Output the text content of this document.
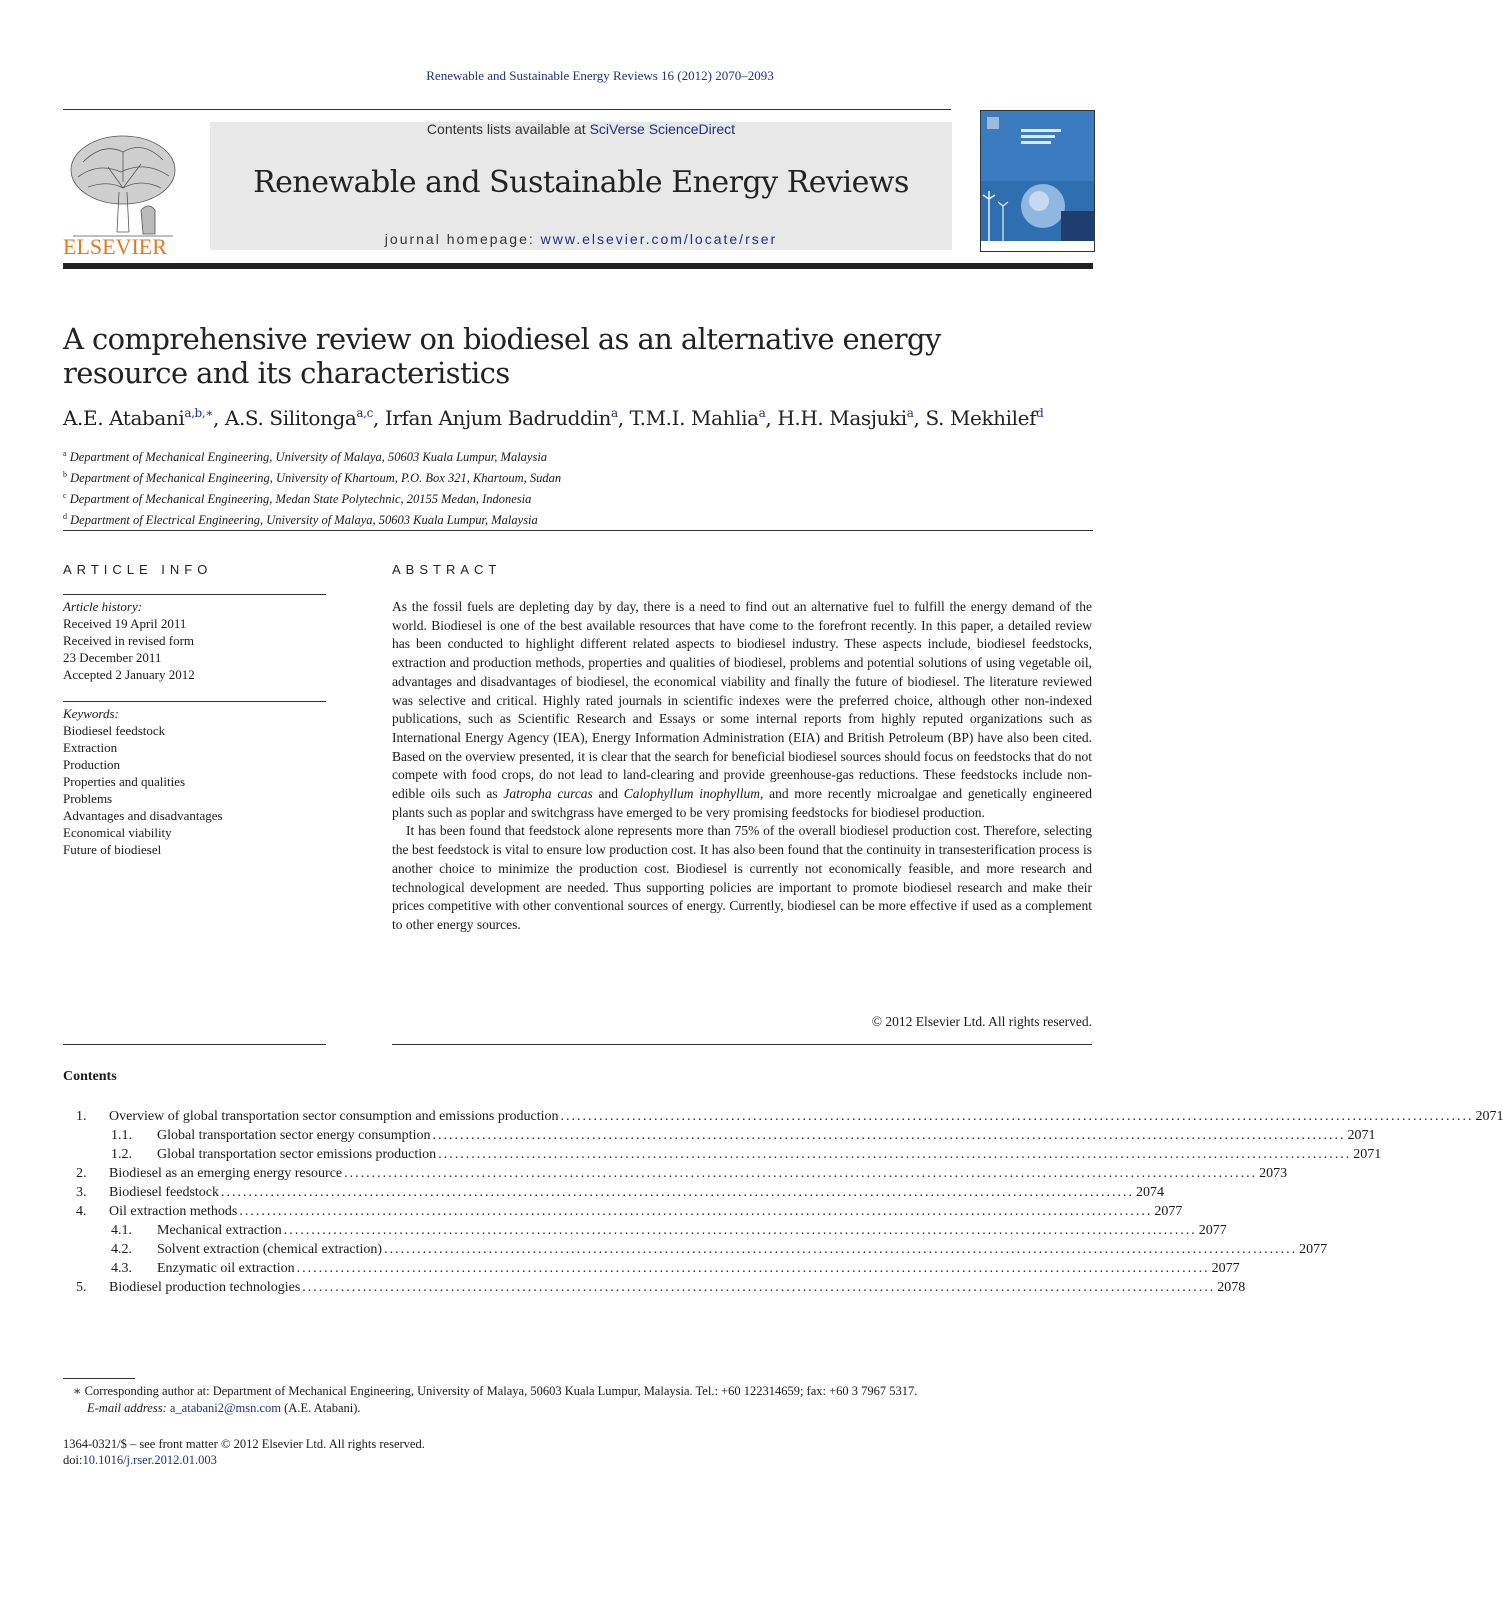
Renewable and Sustainable Energy Reviews 16 (2012) 2070–2093
ELSEVIER
Contents lists available at SciVerse ScienceDirect
Renewable and Sustainable Energy Reviews
journal homepage: www.elsevier.com/locate/rser
A comprehensive review on biodiesel as an alternative energy resource and its characteristics
A.E. Atabani$^{a,b,∗}$, A.S. Silitonga$^{a,c}$, Irfan Anjum Badruddin$^a$, T.M.I. Mahlia$^a$, H.H. Masjuki$^a$, S. Mekhilef$^d$
$^a$ Department of Mechanical Engineering, University of Malaya, 50603 Kuala Lumpur, Malaysia
$^b$ Department of Mechanical Engineering, University of Khartoum, P.O. Box 321, Khartoum, Sudan
$^c$ Department of Mechanical Engineering, Medan State Polytechnic, 20155 Medan, Indonesia
$^d$ Department of Electrical Engineering, University of Malaya, 50603 Kuala Lumpur, Malaysia
ARTICLE INFO
Article history:
Received 19 April 2011
Received in revised form
23 December 2011
Accepted 2 January 2012
Keywords:
Biodiesel feedstock
Extraction
Production
Properties and qualities
Problems
Advantages and disadvantages
Economical viability
Future of biodiesel
ABSTRACT

As the fossil fuels are depleting day by day, there is a need to find out an alternative fuel to fulfill the energy demand of the world. Biodiesel is one of the best available resources that have come to the forefront recently. In this paper, a detailed review has been conducted to highlight different related aspects to biodiesel industry. These aspects include, biodiesel feedstocks, extraction and production methods, properties and qualities of biodiesel, problems and potential solutions of using vegetable oil, advantages and disadvantages of biodiesel, the economical viability and finally the future of biodiesel. The literature reviewed was selective and critical. Highly rated journals in scientific indexes were the preferred choice, although other non-indexed publications, such as Scientific Research and Essays or some internal reports from highly reputed organizations such as International Energy Agency (IEA), Energy Information Administration (EIA) and British Petroleum (BP) have also been cited. Based on the overview presented, it is clear that the search for beneficial biodiesel sources should focus on feedstocks that do not compete with food crops, do not lead to land-clearing and provide greenhouse-gas reductions. These feedstocks include non-edible oils such as Jatropha curcas and Calophyllum inophyllum, and more recently microalgae and genetically engineered plants such as poplar and switchgrass have emerged to be very promising feedstocks for biodiesel production.

It has been found that feedstock alone represents more than 75% of the overall biodiesel production cost. Therefore, selecting the best feedstock is vital to ensure low production cost. It has also been found that the continuity in transesterification process is another choice to minimize the production cost. Biodiesel is currently not economically feasible, and more research and technological development are needed. Thus supporting policies are important to promote biodiesel research and make their prices competitive with other conventional sources of energy. Currently, biodiesel can be more effective if used as a complement to other energy sources.

© 2012 Elsevier Ltd. All rights reserved.
Contents
1. Overview of global transportation sector consumption and emissions production ...................................................................................................................................................................... 2071
1.1. Global transportation sector energy consumption ...................................................................................................................................................................... 2071
1.2. Global transportation sector emissions production ...................................................................................................................................................................... 2071
2. Biodiesel as an emerging energy resource ...................................................................................................................................................................... 2073
3. Biodiesel feedstock ...................................................................................................................................................................... 2074
4. Oil extraction methods ...................................................................................................................................................................... 2077
4.1. Mechanical extraction ...................................................................................................................................................................... 2077
4.2. Solvent extraction (chemical extraction) ...................................................................................................................................................................... 2077
4.3. Enzymatic oil extraction ...................................................................................................................................................................... 2077
5. Biodiesel production technologies ...................................................................................................................................................................... 2078
∗ Corresponding author at: Department of Mechanical Engineering, University of Malaya, 50603 Kuala Lumpur, Malaysia. Tel.: +60 122314659; fax: +60 3 7967 5317.
E-mail address: a_atabani2@msn.com (A.E. Atabani).
1364-0321/$ – see front matter © 2012 Elsevier Ltd. All rights reserved.
doi:10.1016/j.rser.2012.01.003
